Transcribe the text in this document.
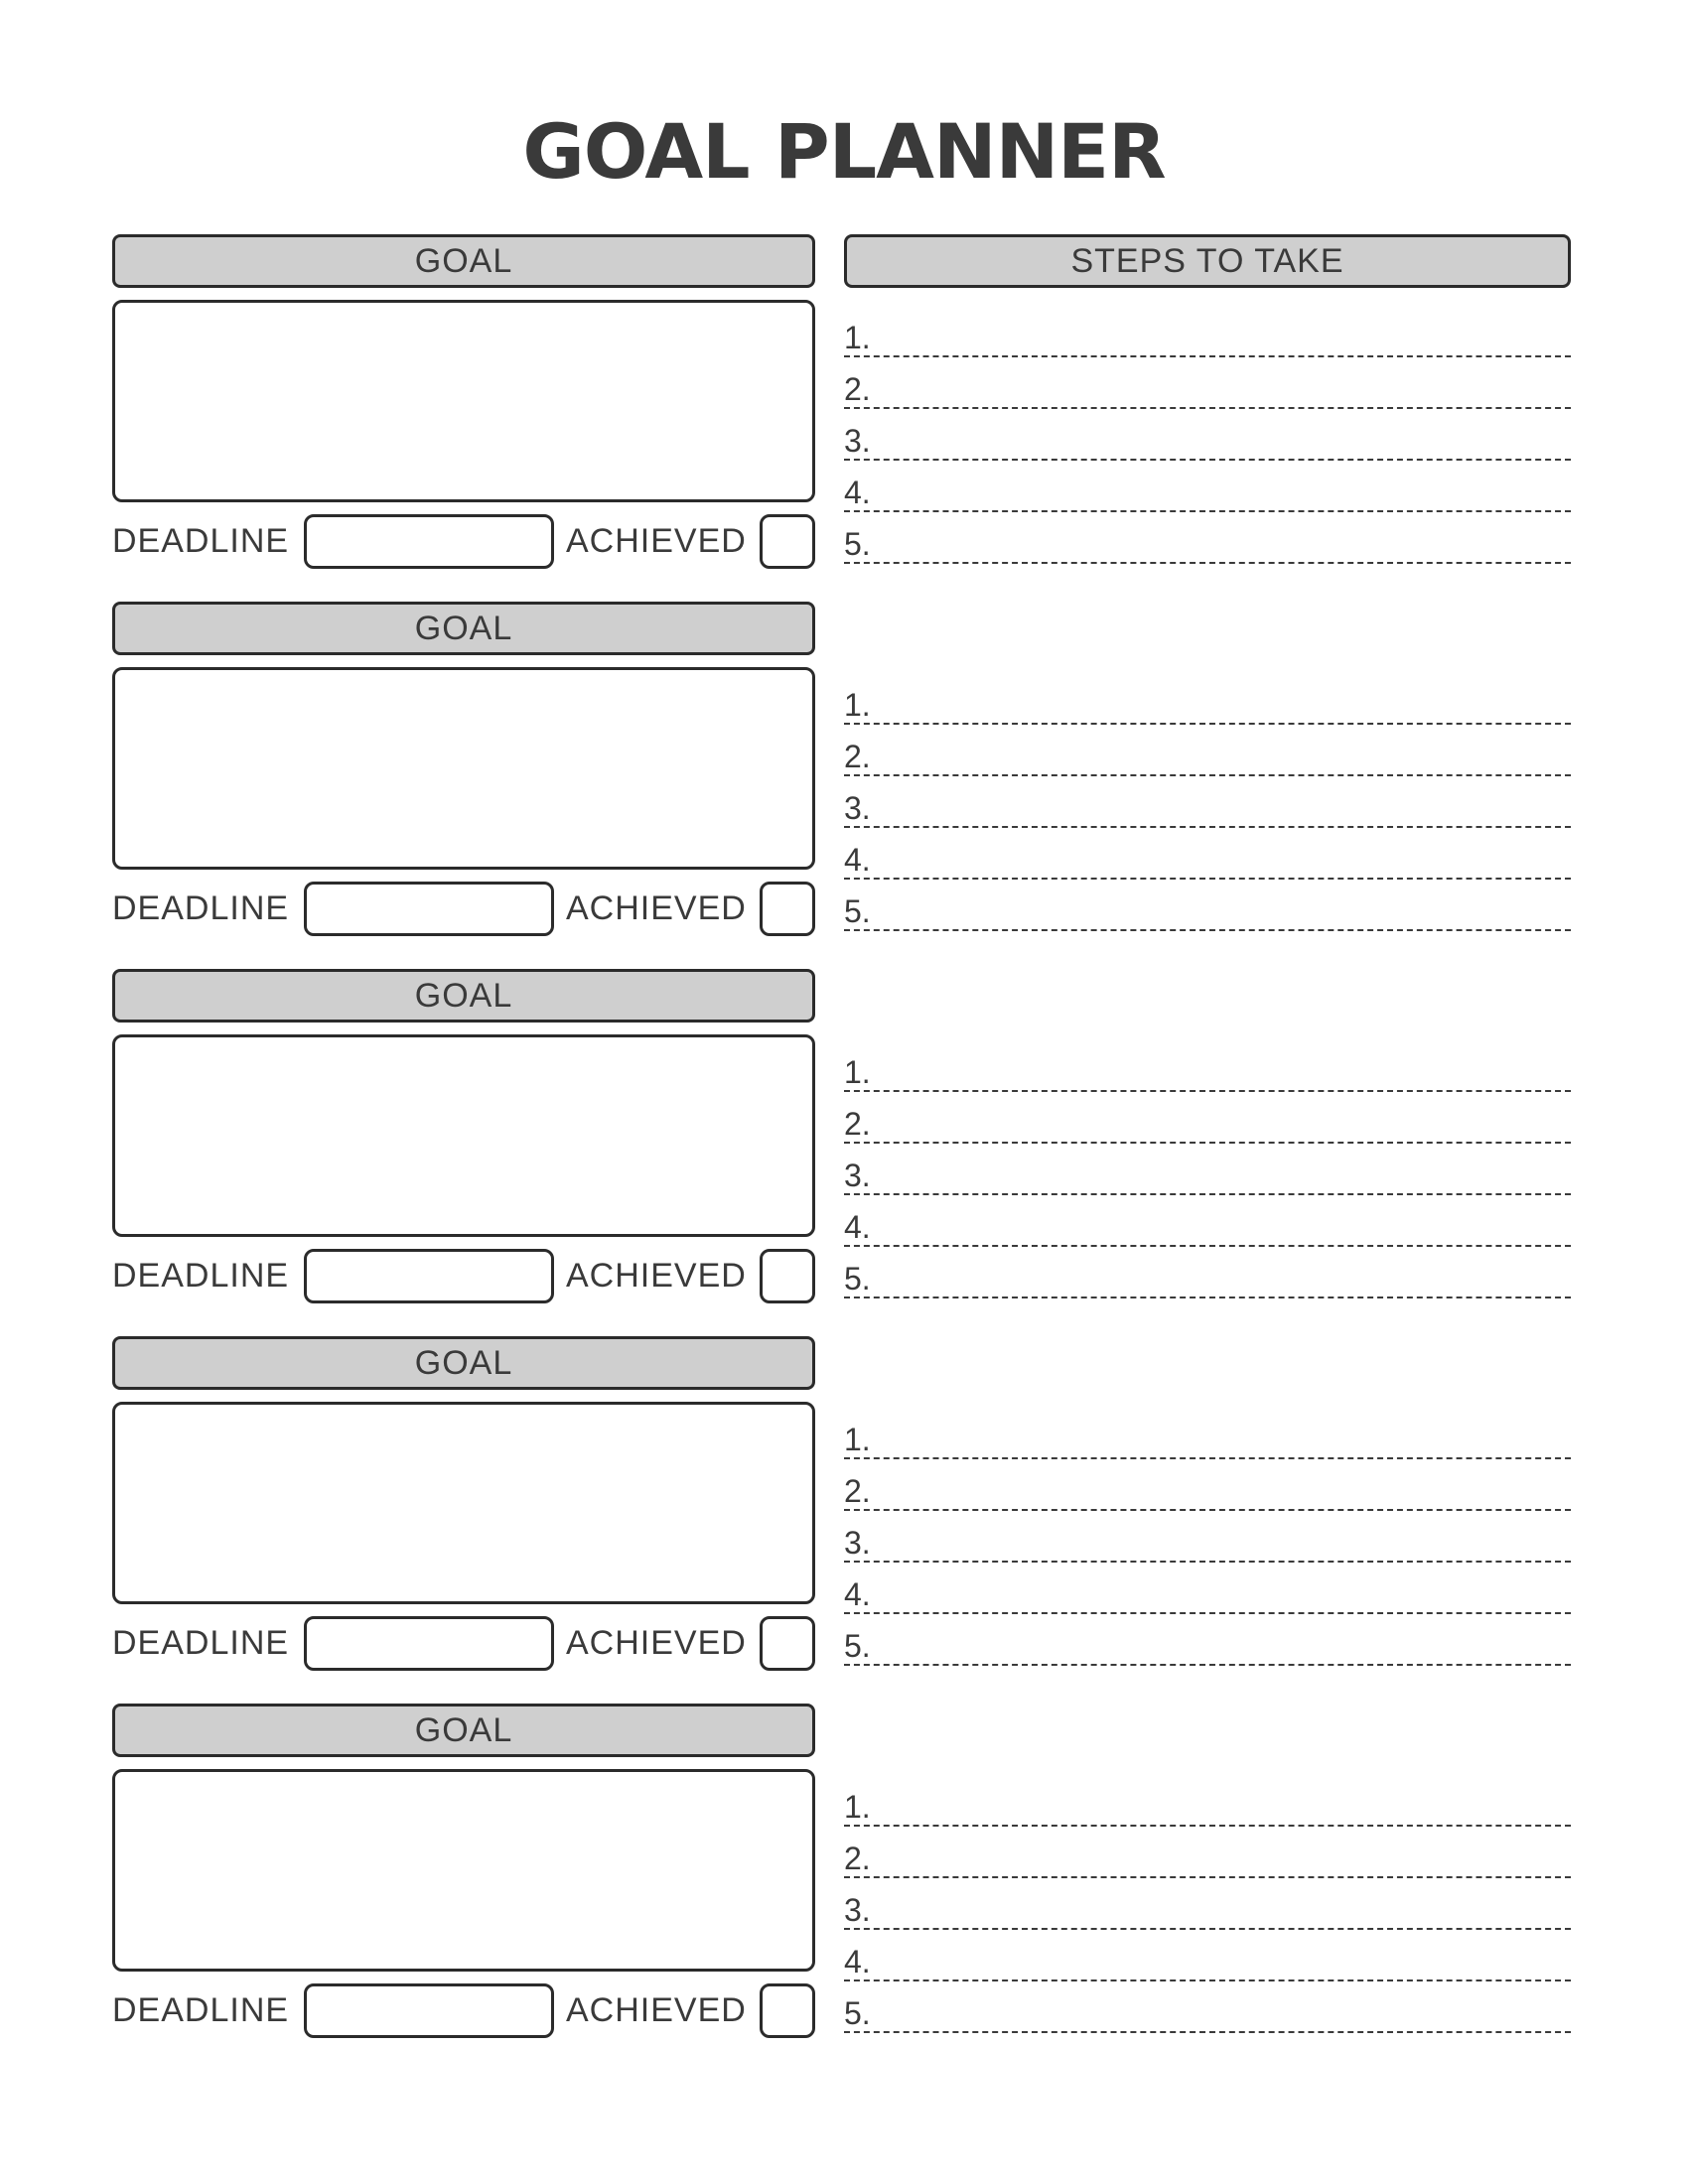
GOAL PLANNER
STEPS TO TAKE
GOAL
DEADLINE	ACHIEVED
1.
2.
3.
4.
5.
GOAL
DEADLINE	ACHIEVED
1.
2.
3.
4.
5.
GOAL
DEADLINE	ACHIEVED
1.
2.
3.
4.
5.
GOAL
DEADLINE	ACHIEVED
1.
2.
3.
4.
5.
GOAL
DEADLINE	ACHIEVED
1.
2.
3.
4.
5.
